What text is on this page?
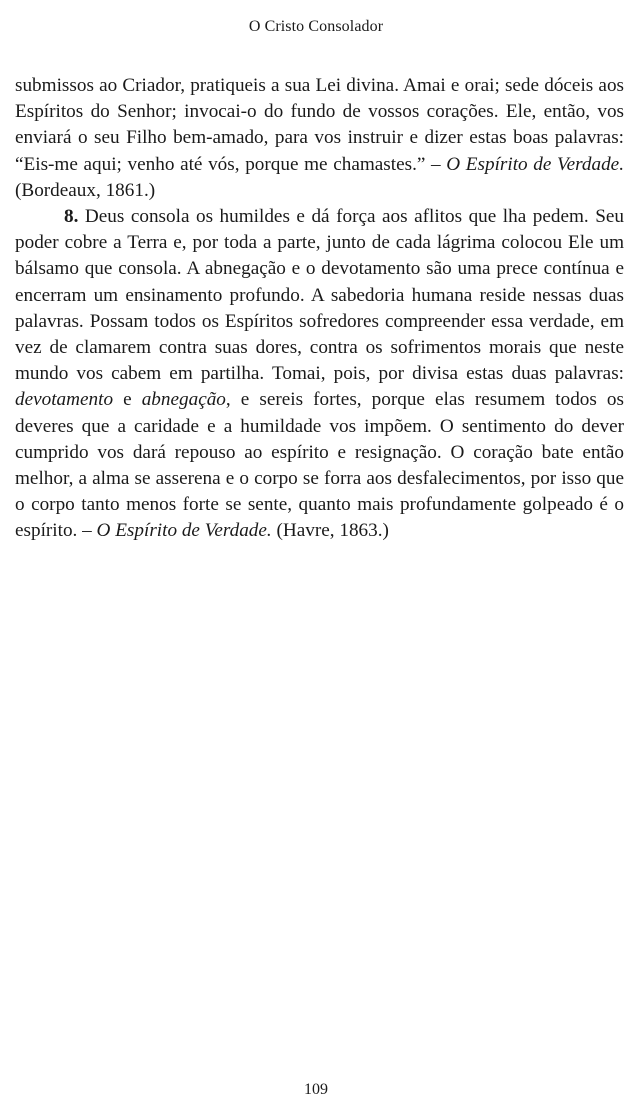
O Cristo Consolador

submissos ao Criador, pratiqueis a sua Lei divina. Amai e orai; sede dóceis aos Espíritos do Senhor; invocai-o do fundo de vossos corações. Ele, então, vos enviará o seu Filho bem-amado, para vos instruir e dizer estas boas palavras: “Eis-me aqui; venho até vós, porque me chamastes.” – O Espírito de Verdade. (Bordeaux, 1861.)

8. Deus consola os humildes e dá força aos aflitos que lha pedem. Seu poder cobre a Terra e, por toda a parte, junto de cada lágrima colocou Ele um bálsamo que consola. A abnegação e o devotamento são uma prece contínua e encerram um ensinamento profundo. A sabedoria humana reside nessas duas palavras. Possam todos os Espíritos sofredores compreender essa verdade, em vez de clamarem contra suas dores, contra os sofrimentos morais que neste mundo vos cabem em partilha. Tomai, pois, por divisa estas duas palavras: devotamento e abnegação, e sereis fortes, porque elas resumem todos os deveres que a caridade e a humildade vos impõem. O sentimento do dever cumprido vos dará repouso ao espírito e resignação. O coração bate então melhor, a alma se asserena e o corpo se forra aos desfalecimentos, por isso que o corpo tanto menos forte se sente, quanto mais profundamente golpeado é o espírito. – O Espírito de Verdade. (Havre, 1863.)

109
